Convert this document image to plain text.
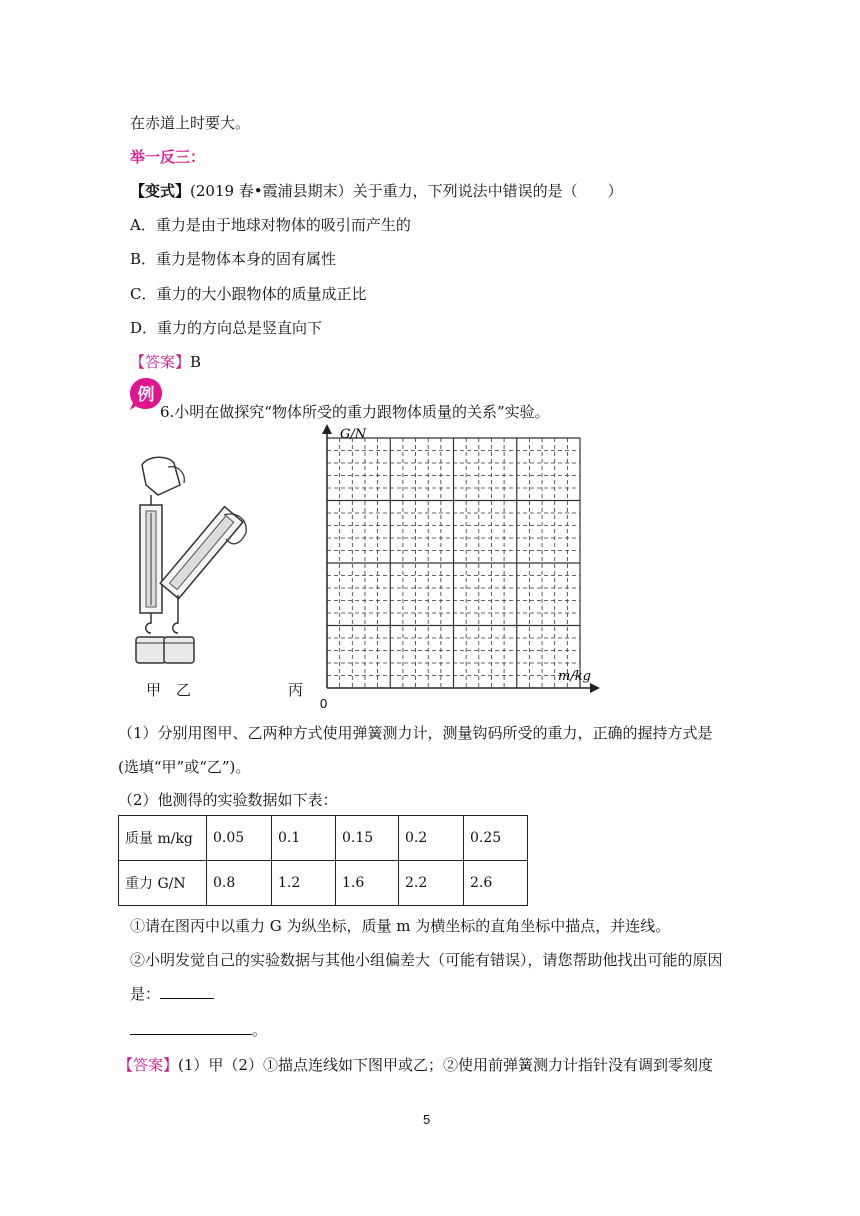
在赤道上时要大。
举一反三：
【变式】(2019 春•霞浦县期末）关于重力，下列说法中错误的是（　　）
A．重力是由于地球对物体的吸引而产生的
B．重力是物体本身的固有属性
C．重力的大小跟物体的质量成正比
D．重力的方向总是竖直向下
【答案】B
例
6.小明在做探究“物体所受的重力跟物体质量的关系”实验。
甲 乙	丙
G/N
m/kg
0
（1）分别用图甲、乙两种方式使用弹簧测力计，测量钩码所受的重力，正确的握持方式是
(选填“甲”或“乙”)。
（2）他测得的实验数据如下表：
质量 m/kg	0.05	0.1	0.15	0.2	0.25
重力 G/N	0.8	1.2	1.6	2.2	2.6
①请在图丙中以重力 G 为纵坐标，质量 m 为横坐标的直角坐标中描点，并连线。
②小明发觉自己的实验数据与其他小组偏差大（可能有错误），请您帮助他找出可能的原因
是：
。
【答案】(1）甲（2）①描点连线如下图甲或乙；②使用前弹簧测力计指针没有调到零刻度
5
